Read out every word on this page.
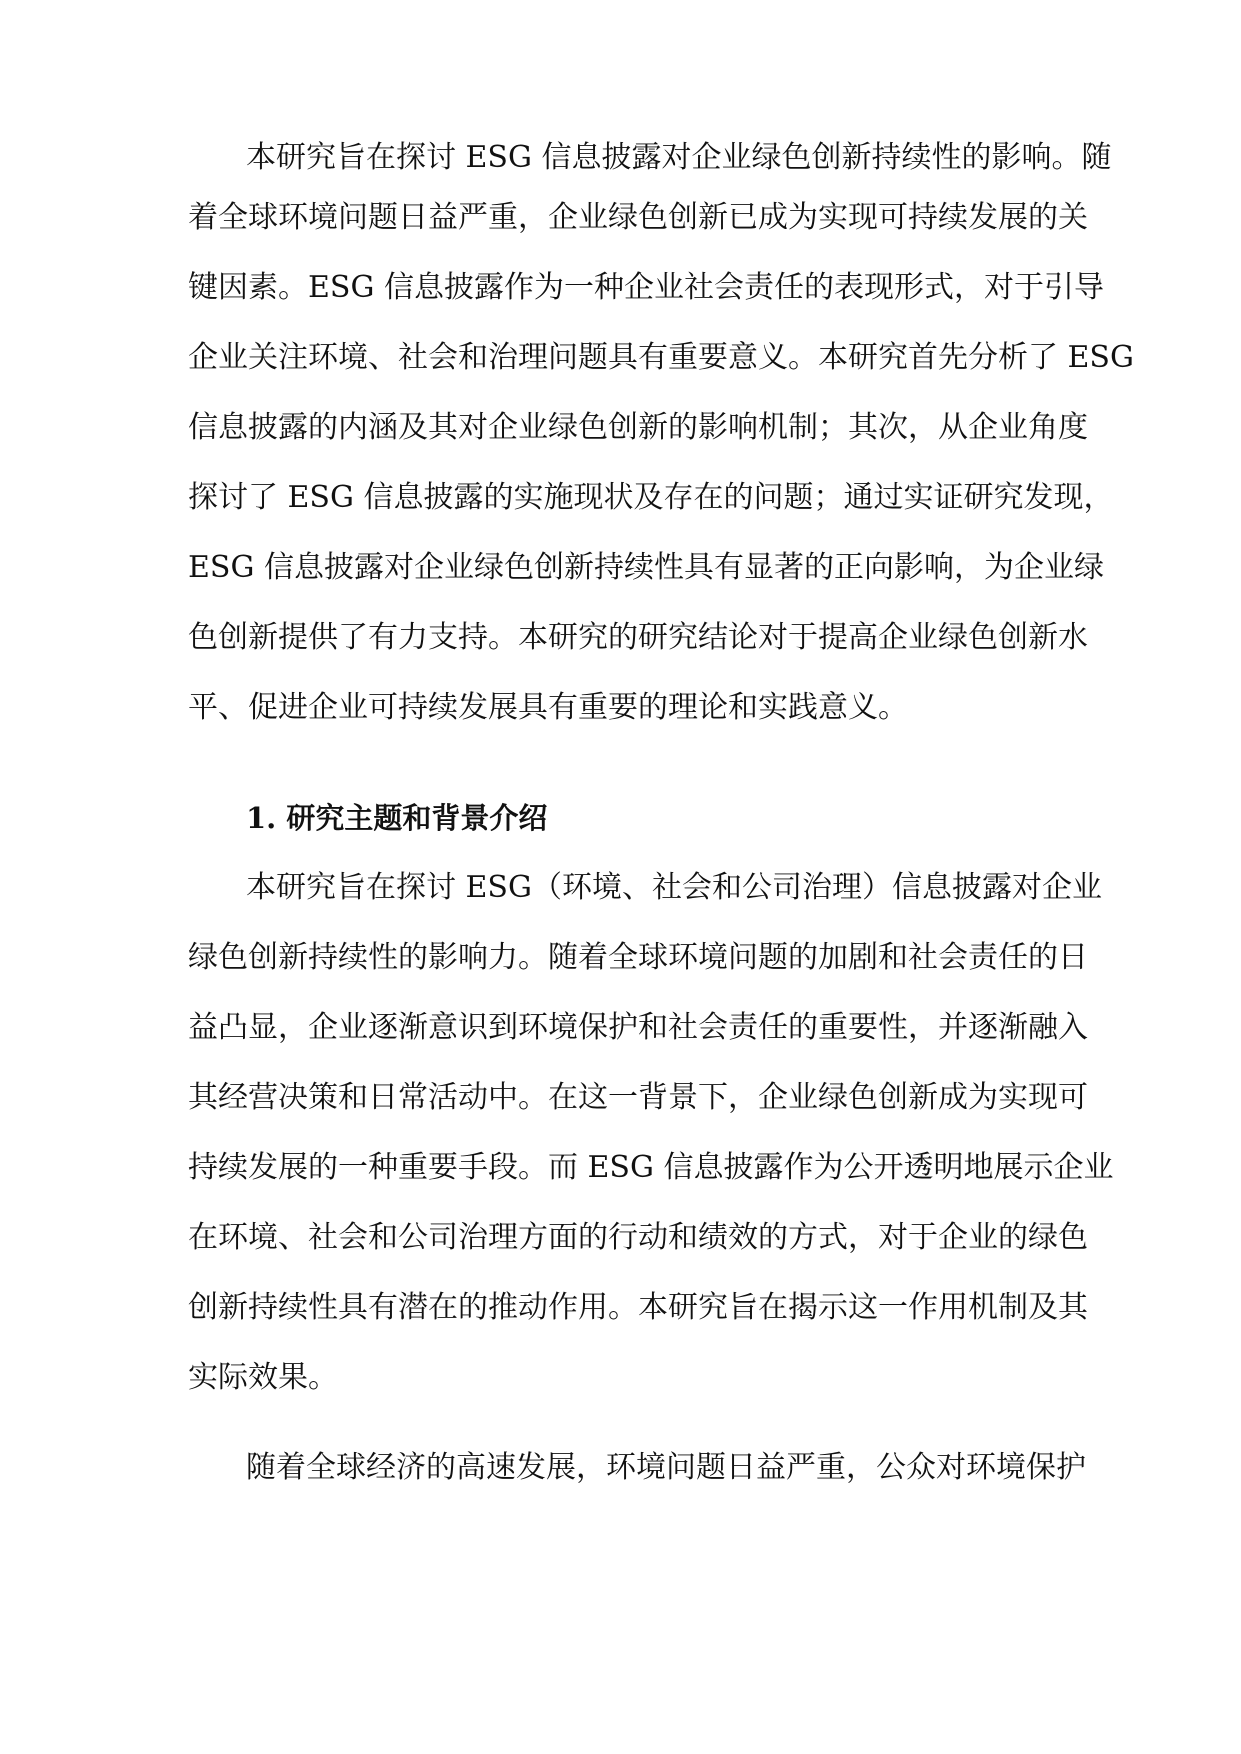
本研究旨在探讨 ESG 信息披露对企业绿色创新持续性的影响。随

着全球环境问题日益严重，企业绿色创新已成为实现可持续发展的关

键因素。ESG 信息披露作为一种企业社会责任的表现形式，对于引导

企业关注环境、社会和治理问题具有重要意义。本研究首先分析了 ESG

信息披露的内涵及其对企业绿色创新的影响机制；其次，从企业角度

探讨了 ESG 信息披露的实施现状及存在的问题；通过实证研究发现，

ESG 信息披露对企业绿色创新持续性具有显著的正向影响，为企业绿

色创新提供了有力支持。本研究的研究结论对于提高企业绿色创新水

平、促进企业可持续发展具有重要的理论和实践意义。

1. 研究主题和背景介绍

本研究旨在探讨 ESG（环境、社会和公司治理）信息披露对企业

绿色创新持续性的影响力。随着全球环境问题的加剧和社会责任的日

益凸显，企业逐渐意识到环境保护和社会责任的重要性，并逐渐融入

其经营决策和日常活动中。在这一背景下，企业绿色创新成为实现可

持续发展的一种重要手段。而 ESG 信息披露作为公开透明地展示企业

在环境、社会和公司治理方面的行动和绩效的方式，对于企业的绿色

创新持续性具有潜在的推动作用。本研究旨在揭示这一作用机制及其

实际效果。

随着全球经济的高速发展，环境问题日益严重，公众对环境保护
